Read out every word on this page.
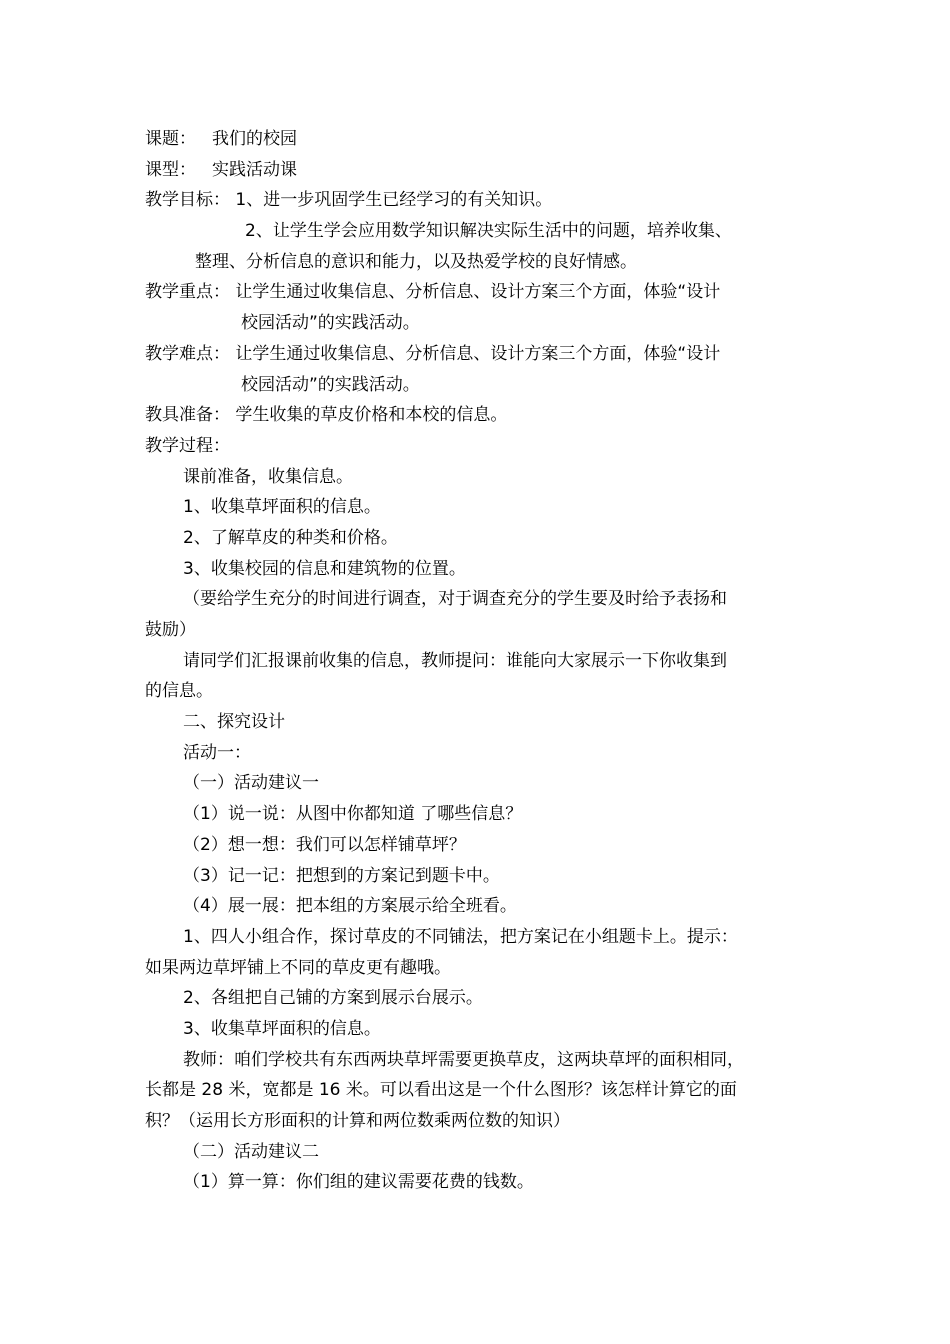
课题： 我们的校园
课型： 实践活动课
教学目标： 1、进一步巩固学生已经学习的有关知识。
2、让学生学会应用数学知识解决实际生活中的问题，培养收集、
整理、分析信息的意识和能力，以及热爱学校的良好情感。
教学重点： 让学生通过收集信息、分析信息、设计方案三个方面，体验“设计
校园活动”的实践活动。
教学难点： 让学生通过收集信息、分析信息、设计方案三个方面，体验“设计
校园活动”的实践活动。
教具准备： 学生收集的草皮价格和本校的信息。
教学过程：
课前准备，收集信息。
1、收集草坪面积的信息。
2、了解草皮的种类和价格。
3、收集校园的信息和建筑物的位置。
（要给学生充分的时间进行调查，对于调查充分的学生要及时给予表扬和
鼓励）
请同学们汇报课前收集的信息，教师提问：谁能向大家展示一下你收集到
的信息。
二、探究设计
活动一：
（一）活动建议一
（1）说一说：从图中你都知道 了哪些信息？
（2）想一想：我们可以怎样铺草坪？
（3）记一记：把想到的方案记到题卡中。
（4）展一展：把本组的方案展示给全班看。
1、四人小组合作，探讨草皮的不同铺法，把方案记在小组题卡上。提示：
如果两边草坪铺上不同的草皮更有趣哦。
2、各组把自己铺的方案到展示台展示。
3、收集草坪面积的信息。
教师：咱们学校共有东西两块草坪需要更换草皮，这两块草坪的面积相同，
长都是 28 米，宽都是 16 米。可以看出这是一个什么图形？该怎样计算它的面
积？（运用长方形面积的计算和两位数乘两位数的知识）
（二）活动建议二
（1）算一算：你们组的建议需要花费的钱数。
